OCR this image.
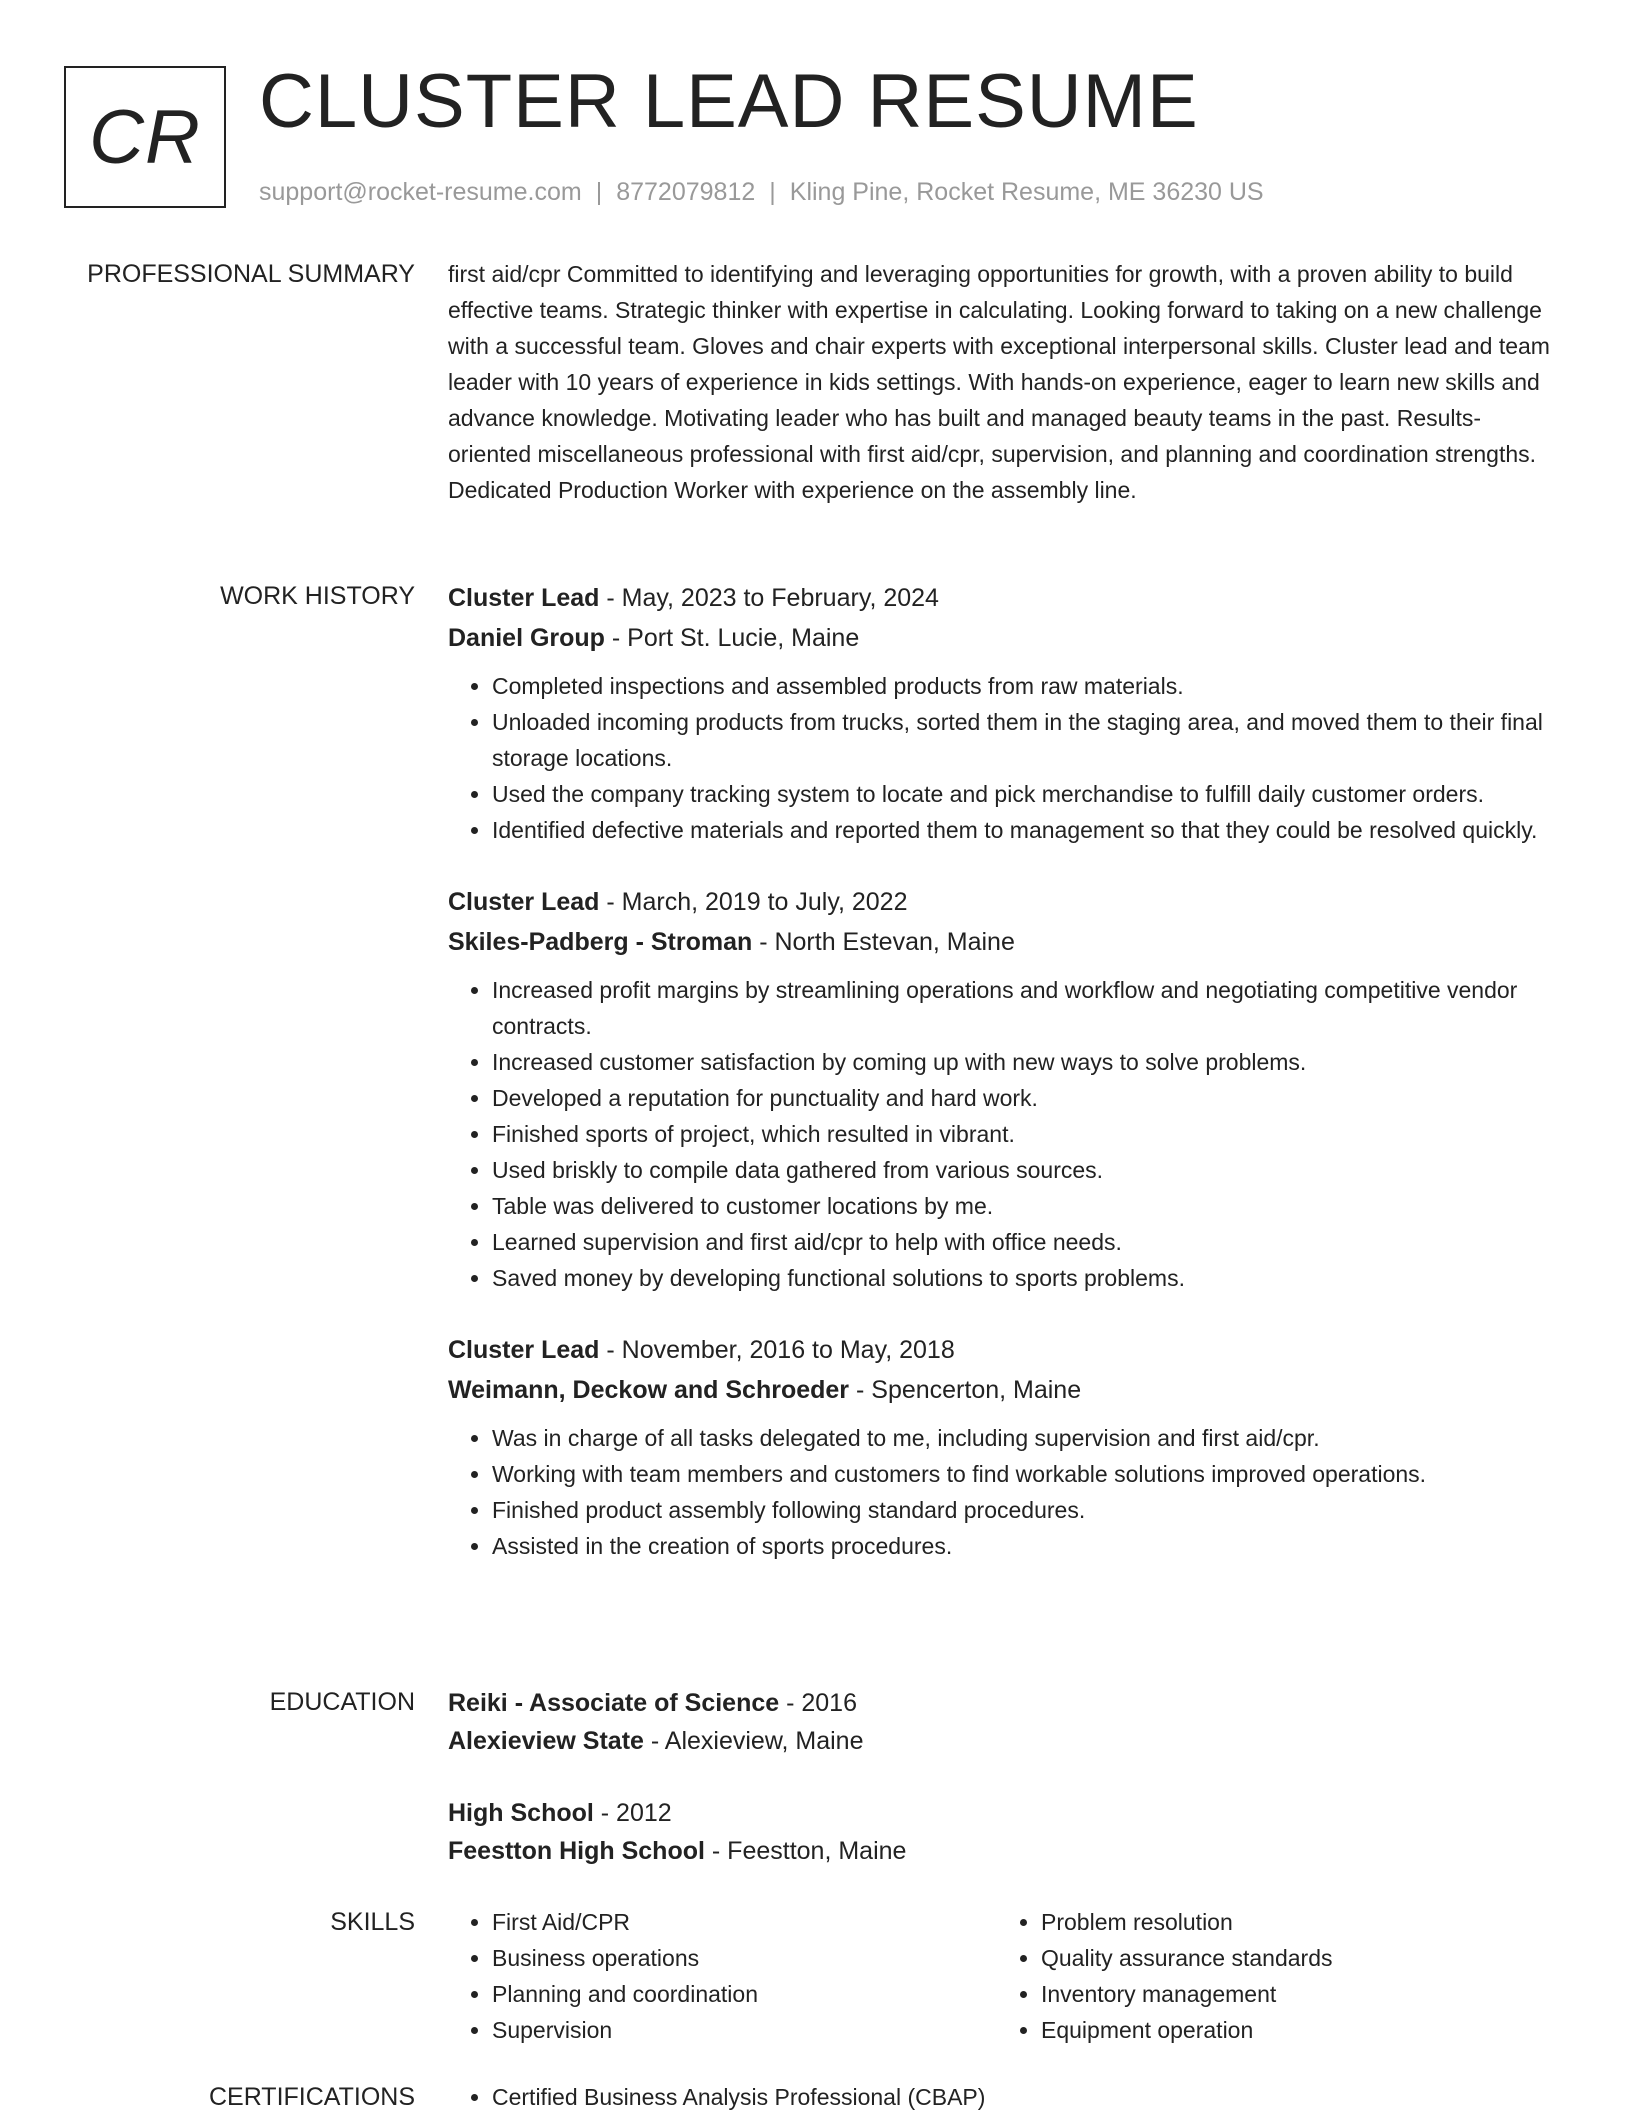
CR CLUSTER LEAD RESUME
support@rocket-resume.com | 8772079812 | Kling Pine, Rocket Resume, ME 36230 US
PROFESSIONAL SUMMARY first aid/cpr Committed to identifying and leveraging opportunities for growth, with a proven ability to build effective teams. Strategic thinker with expertise in calculating. Looking forward to taking on a new challenge with a successful team. Gloves and chair experts with exceptional interpersonal skills. Cluster lead and team leader with 10 years of experience in kids settings. With hands-on experience, eager to learn new skills and advance knowledge. Motivating leader who has built and managed beauty teams in the past. Results-oriented miscellaneous professional with first aid/cpr, supervision, and planning and coordination strengths. Dedicated Production Worker with experience on the assembly line.

WORK HISTORY Cluster Lead - May, 2023 to February, 2024

Daniel Group - Port St. Lucie, Maine

• Completed inspections and assembled products from raw materials.
• Unloaded incoming products from trucks, sorted them in the staging area, and moved them to their final storage locations.
• Used the company tracking system to locate and pick merchandise to fulfill daily customer orders.
• Identified defective materials and reported them to management so that they could be resolved quickly.

Cluster Lead - March, 2019 to July, 2022

Skiles-Padberg - Stroman - North Estevan, Maine

• Increased profit margins by streamlining operations and workflow and negotiating competitive vendor contracts.
• Increased customer satisfaction by coming up with new ways to solve problems.
• Developed a reputation for punctuality and hard work.
• Finished sports of project, which resulted in vibrant.
• Used briskly to compile data gathered from various sources.
• Table was delivered to customer locations by me.
• Learned supervision and first aid/cpr to help with office needs.
• Saved money by developing functional solutions to sports problems.

Cluster Lead - November, 2016 to May, 2018

Weimann, Deckow and Schroeder - Spencerton, Maine

• Was in charge of all tasks delegated to me, including supervision and first aid/cpr.
• Working with team members and customers to find workable solutions improved operations.
• Finished product assembly following standard procedures.
• Assisted in the creation of sports procedures.
EDUCATION Reiki - Associate of Science - 2016

Alexieview State - Alexieview, Maine

High School - 2012

Feestton High School - Feestton, Maine

SKILLS	• First Aid/CPR
• Business operations
• Planning and coordination
• Supervision
• Problem resolution
• Quality assurance standards
• Inventory management
• Equipment operation
CERTIFICATIONS	• Certified Business Analysis Professional (CBAP)
